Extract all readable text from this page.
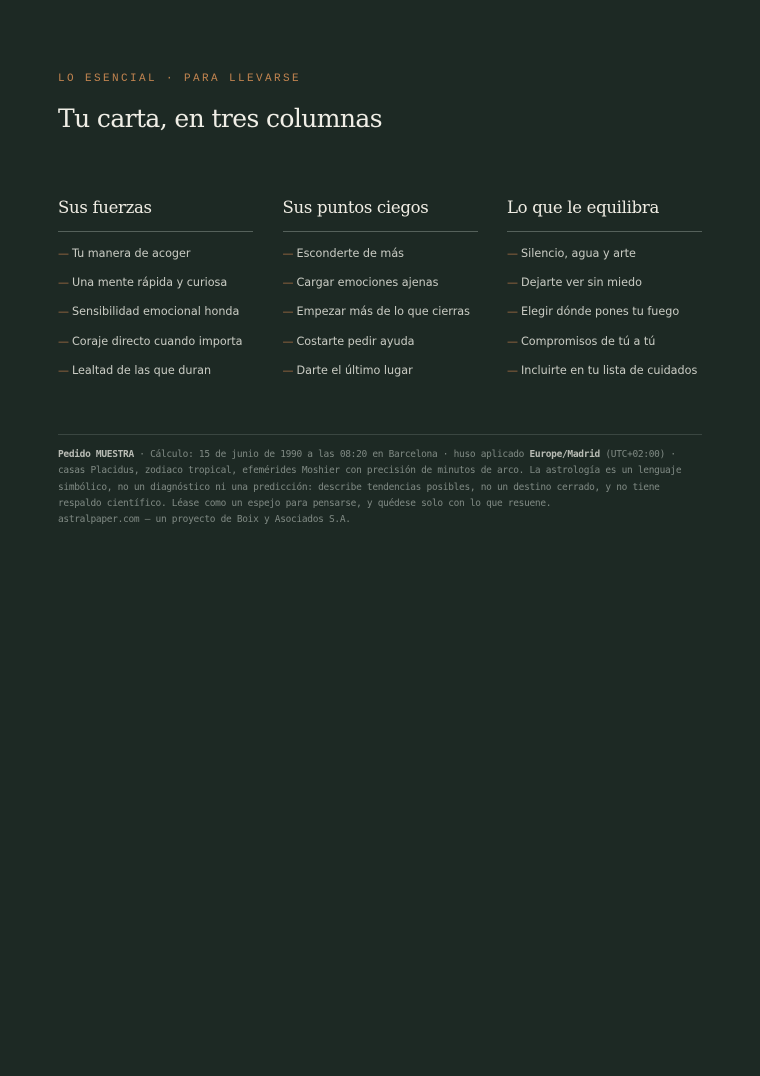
LO ESENCIAL · PARA LLEVARSE
Tu carta, en tres columnas
Sus fuerzas
— Tu manera de acoger
— Una mente rápida y curiosa
— Sensibilidad emocional honda
— Coraje directo cuando importa
— Lealtad de las que duran
Sus puntos ciegos
— Esconderte de más
— Cargar emociones ajenas
— Empezar más de lo que cierras
— Costarte pedir ayuda
— Darte el último lugar
Lo que le equilibra
— Silencio, agua y arte
— Dejarte ver sin miedo
— Elegir dónde pones tu fuego
— Compromisos de tú a tú
— Incluirte en tu lista de cuidados
Pedido MUESTRA · Cálculo: 15 de junio de 1990 a las 08:20 en Barcelona · huso aplicado Europe/Madrid (UTC+02:00) ·
casas Placidus, zodiaco tropical, efemérides Moshier con precisión de minutos de arco. La astrología es un lenguaje
simbólico, no un diagnóstico ni una predicción: describe tendencias posibles, no un destino cerrado, y no tiene
respaldo científico. Léase como un espejo para pensarse, y quédese solo con lo que resuene.
astralpaper.com — un proyecto de Boix y Asociados S.A.
